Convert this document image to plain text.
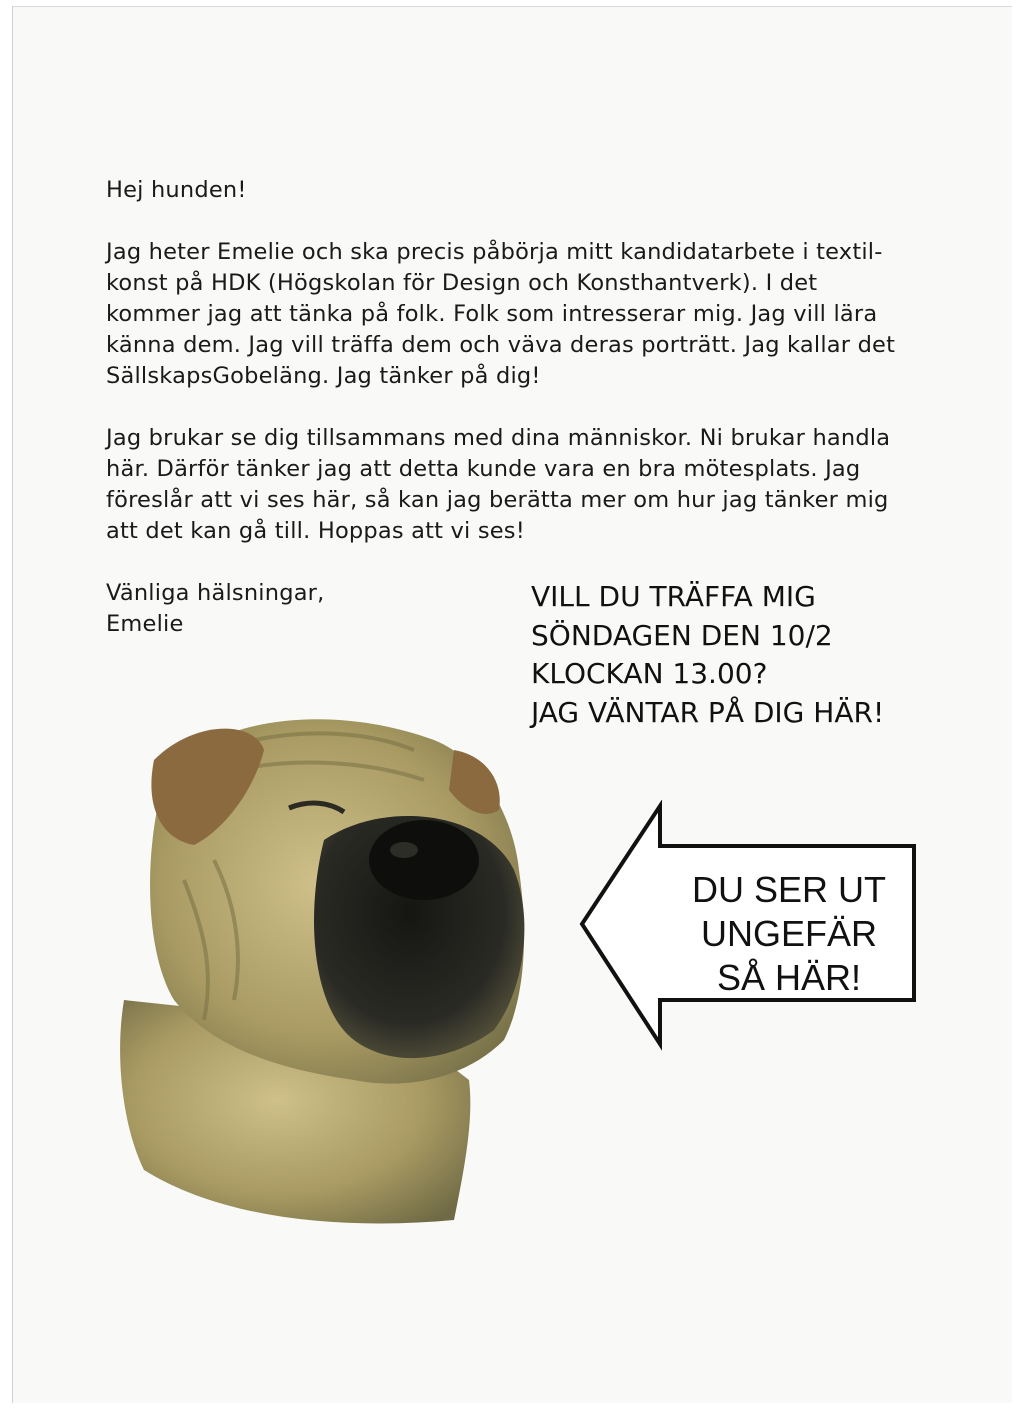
Hej hunden!

Jag heter Emelie och ska precis påbörja mitt kandidatarbete i textil-
konst på HDK (Högskolan för Design och Konsthantverk). I det
kommer jag att tänka på folk. Folk som intresserar mig. Jag vill lära
känna dem. Jag vill träffa dem och väva deras porträtt. Jag kallar det
SällskapsGobeläng. Jag tänker på dig!

Jag brukar se dig tillsammans med dina människor. Ni brukar handla
här. Därför tänker jag att detta kunde vara en bra mötesplats. Jag
föreslår att vi ses här, så kan jag berätta mer om hur jag tänker mig
att det kan gå till. Hoppas att vi ses!

Vänliga hälsningar,

Emelie

VILL DU TRÄFFA MIG
SÖNDAGEN DEN 10/2
KLOCKAN 13.00?
JAG VÄNTAR PÅ DIG HÄR!
DU SER UT
UNGEFÄR
SÅ HÄR!
